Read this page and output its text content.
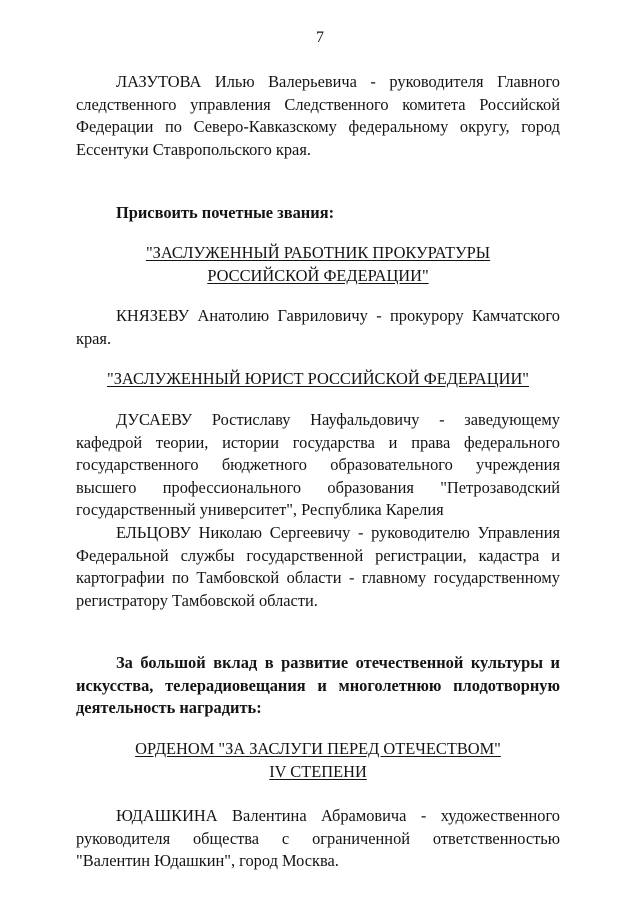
7

ЛАЗУТОВА Илью Валерьевича - руководителя Главного следственного управления Следственного комитета Российской Федерации по Северо-Кавказскому федеральному округу, город Ессентуки Ставропольского края.

Присвоить почетные звания:

"ЗАСЛУЖЕННЫЙ РАБОТНИК ПРОКУРАТУРЫ

РОССИЙСКОЙ ФЕДЕРАЦИИ"

КНЯЗЕВУ Анатолию Гавриловичу - прокурору Камчатского края.

"ЗАСЛУЖЕННЫЙ ЮРИСТ РОССИЙСКОЙ ФЕДЕРАЦИИ"

ДУСАЕВУ Ростиславу Науфальдовичу - заведующему кафедрой теории, истории государства и права федерального государственного бюджетного образовательного учреждения высшего профессионального образования "Петрозаводский государственный университет", Республика Карелия

ЕЛЬЦОВУ Николаю Сергеевичу - руководителю Управления Федеральной службы государственной регистрации, кадастра и картографии по Тамбовской области - главному государственному регистратору Тамбовской области.

За большой вклад в развитие отечественной культуры и искусства, телерадиовещания и многолетнюю плодотворную деятельность наградить:

ОРДЕНОМ "ЗА ЗАСЛУГИ ПЕРЕД ОТЕЧЕСТВОМ"

IV СТЕПЕНИ

ЮДАШКИНА Валентина Абрамовича - художественного руководителя общества с ограниченной ответственностью "Валентин Юдашкин", город Москва.
